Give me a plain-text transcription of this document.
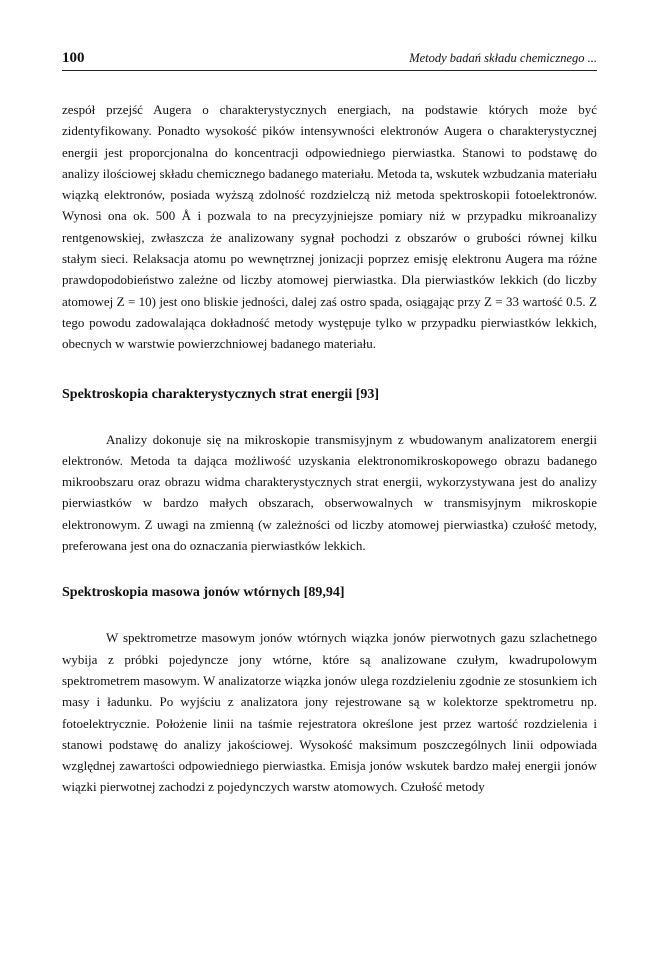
100	Metody badań składu chemicznego ...

zespół przejść Augera o charakterystycznych energiach, na podstawie których może być zidentyfikowany. Ponadto wysokość pików intensywności elektronów Augera o charakterystycznej energii jest proporcjonalna do koncentracji odpowiedniego pierwiastka. Stanowi to podstawę do analizy ilościowej składu chemicznego badanego materiału. Metoda ta, wskutek wzbudzania materiału wiązką elektronów, posiada wyższą zdolność rozdzielczą niż metoda spektroskopii fotoelektronów. Wynosi ona ok. 500 Å i pozwala to na precyzyjniejsze pomiary niż w przypadku mikroanalizy rentgenowskiej, zwłaszcza że analizowany sygnał pochodzi z obszarów o grubości równej kilku stałym sieci. Relaksacja atomu po wewnętrznej jonizacji poprzez emisję elektronu Augera ma różne prawdopodobieństwo zależne od liczby atomowej pierwiastka. Dla pierwiastków lekkich (do liczby atomowej Z = 10) jest ono bliskie jedności, dalej zaś ostro spada, osiągając przy Z = 33 wartość 0.5. Z tego powodu zadowalająca dokładność metody występuje tylko w przypadku pierwiastków lekkich, obecnych w warstwie powierzchniowej badanego materiału.

Spektroskopia charakterystycznych strat energii [93]

Analizy dokonuje się na mikroskopie transmisyjnym z wbudowanym analizatorem energii elektronów. Metoda ta dająca możliwość uzyskania elektronomikroskopowego obrazu badanego mikroobszaru oraz obrazu widma charakterystycznych strat energii, wykorzystywana jest do analizy pierwiastków w bardzo małych obszarach, obserwowalnych w transmisyjnym mikroskopie elektronowym. Z uwagi na zmienną (w zależności od liczby atomowej pierwiastka) czułość metody, preferowana jest ona do oznaczania pierwiastków lekkich.

Spektroskopia masowa jonów wtórnych [89,94]

W spektrometrze masowym jonów wtórnych wiązka jonów pierwotnych gazu szlachetnego wybija z próbki pojedyncze jony wtórne, które są analizowane czułym, kwadrupolowym spektrometrem masowym. W analizatorze wiązka jonów ulega rozdzieleniu zgodnie ze stosunkiem ich masy i ładunku. Po wyjściu z analizatora jony rejestrowane są w kolektorze spektrometru np. fotoelektrycznie. Położenie linii na taśmie rejestratora określone jest przez wartość rozdzielenia i stanowi podstawę do analizy jakościowej. Wysokość maksimum poszczególnych linii odpowiada względnej zawartości odpowiedniego pierwiastka. Emisja jonów wskutek bardzo małej energii jonów wiązki pierwotnej zachodzi z pojedynczych warstw atomowych. Czułość metody
